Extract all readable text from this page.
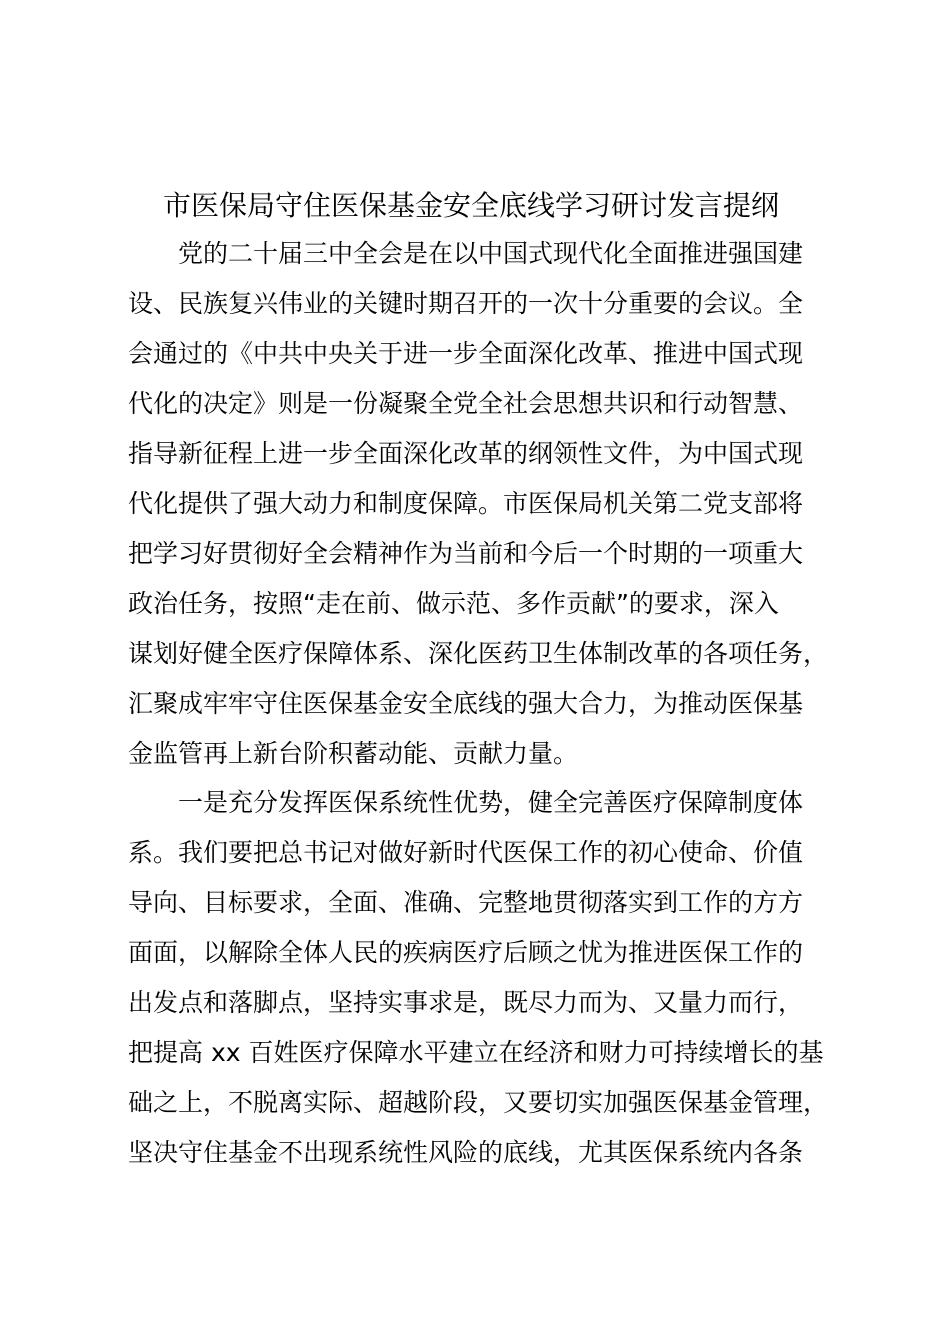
市医保局守住医保基金安全底线学习研讨发言提纲
　　党的二十届三中全会是在以中国式现代化全面推进强国建
设、民族复兴伟业的关键时期召开的一次十分重要的会议。全
会通过的《中共中央关于进一步全面深化改革、推进中国式现
代化的决定》则是一份凝聚全党全社会思想共识和行动智慧、
指导新征程上进一步全面深化改革的纲领性文件，为中国式现
代化提供了强大动力和制度保障。市医保局机关第二党支部将
把学习好贯彻好全会精神作为当前和今后一个时期的一项重大
政治任务，按照“走在前、做示范、多作贡献”的要求，深入
谋划好健全医疗保障体系、深化医药卫生体制改革的各项任务，
汇聚成牢牢守住医保基金安全底线的强大合力，为推动医保基
金监管再上新台阶积蓄动能、贡献力量。
　　一是充分发挥医保系统性优势，健全完善医疗保障制度体
系。我们要把总书记对做好新时代医保工作的初心使命、价值
导向、目标要求，全面、准确、完整地贯彻落实到工作的方方
面面，以解除全体人民的疾病医疗后顾之忧为推进医保工作的
出发点和落脚点，坚持实事求是，既尽力而为、又量力而行，
把提高 xx 百姓医疗保障水平建立在经济和财力可持续增长的基
础之上，不脱离实际、超越阶段，又要切实加强医保基金管理，
坚决守住基金不出现系统性风险的底线，尤其医保系统内各条
